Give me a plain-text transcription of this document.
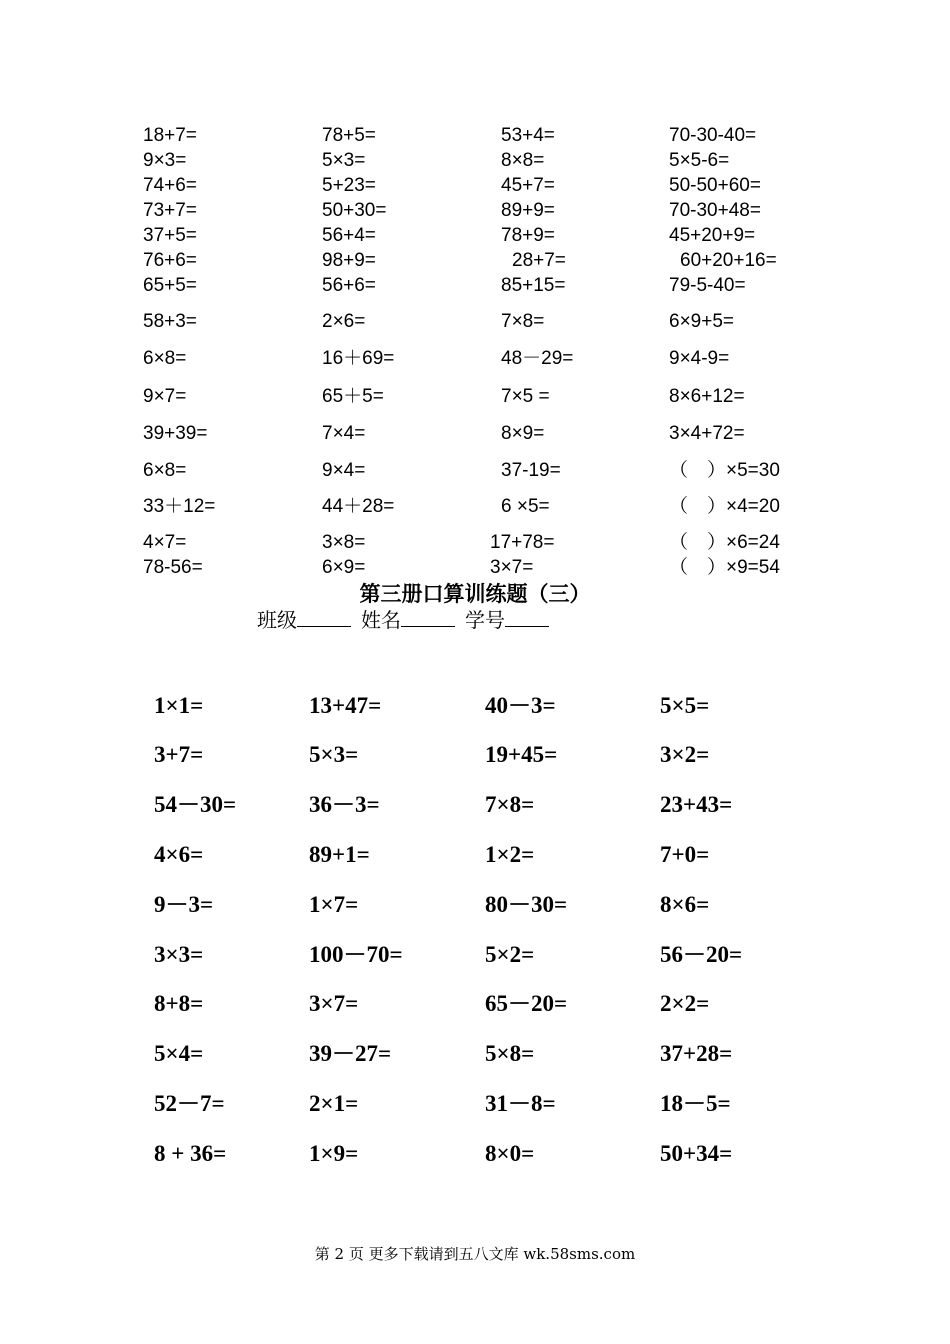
18+7=	78+5=	53+4=	70-30-40=
9×3=	5×3=	8×8=	5×5-6=
74+6=	5+23=	45+7=	50-50+60=
73+7=	50+30=	89+9=	70-30+48=
37+5=	56+4=	78+9=	45+20+9=
76+6=	98+9=	28+7=	60+20+16=
65+5=	56+6=	85+15=	79-5-40=
58+3=	2×6=	7×8=	6×9+5=
6×8=	16＋69=	48－29=	9×4-9=
9×7=	65＋5=	7×5 =	8×6+12=
39+39=	7×4=	8×9=	3×4+72=
6×8=	9×4=	37-19=	（　）×5=30
33＋12=	44＋28=	6 ×5=	（　）×4=20
4×7=	3×8=	17+78=	（　）×6=24
78-56=	6×9=	3×7=	（　）×9=54
第三册口算训练题（三）
班级	姓名	学号
1×1=	13+47=	40－3=	5×5=
3+7=	5×3=	19+45=	3×2=
54－30=	36－3=	7×8=	23+43=
4×6=	89+1=	1×2=	7+0=
9－3=	1×7=	80－30=	8×6=
3×3=	100－70=	5×2=	56－20=
8+8=	3×7=	65－20=	2×2=
5×4=	39－27=	5×8=	37+28=
52－7=	2×1=	31－8=	18－5=
8 + 36=	1×9=	8×0=	50+34=
第 2 页 更多下载请到五八文库 wk.58sms.com
